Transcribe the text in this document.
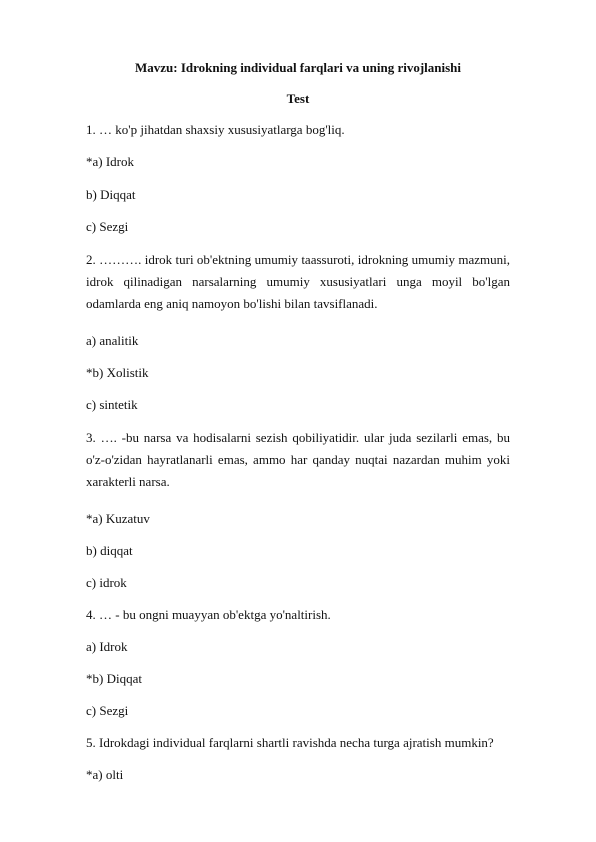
Mavzu: Idrokning individual farqlari va uning rivojlanishi
Test
1. … ko'p jihatdan shaxsiy xususiyatlarga bog'liq.
*a) Idrok
b) Diqqat
c) Sezgi
2. ………. idrok turi ob'ektning umumiy taassuroti, idrokning umumiy mazmuni, idrok qilinadigan narsalarning umumiy xususiyatlari unga moyil bo'lgan odamlarda eng aniq namoyon bo'lishi bilan tavsiflanadi.
a) analitik
*b) Xolistik
c) sintetik
3. …. -bu narsa va hodisalarni sezish qobiliyatidir. ular juda sezilarli emas, bu o'z-o'zidan hayratlanarli emas, ammo har qanday nuqtai nazardan muhim yoki xarakterli narsa.
*a) Kuzatuv
b) diqqat
c) idrok
4. … - bu ongni muayyan ob'ektga yo'naltirish.
a) Idrok
*b) Diqqat
c) Sezgi
5. Idrokdagi individual farqlarni shartli ravishda necha turga ajratish mumkin?
*a) olti
